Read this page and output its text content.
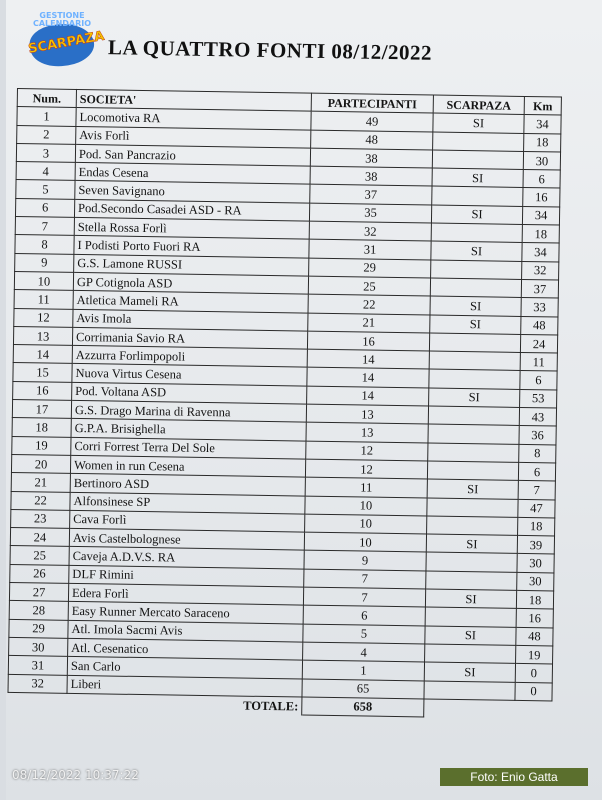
GESTIONE CALENDARIO
SCARPAZA LA QUATTRO FONTI 08/12/2022
Num.	SOCIETA'	PARTECIPANTI	SCARPAZA	Km
1	Locomotiva RA	49	SI	34
2	Avis Forlì	48		18
3	Pod. San Pancrazio	38		30
4	Endas Cesena	38	SI	6
5	Seven Savignano	37		16
6	Pod.Secondo Casadei ASD - RA	35	SI	34
7	Stella Rossa Forlì	32		18
8	I Podisti Porto Fuori RA	31	SI	34
9	G.S. Lamone RUSSI	29		32
10	GP Cotignola ASD	25		37
11	Atletica Mameli RA	22	SI	33
12	Avis Imola	21	SI	48
13	Corrimania Savio RA	16		24
14	Azzurra Forlimpopoli	14		11
15	Nuova Virtus Cesena	14		6
16	Pod. Voltana ASD	14	SI	53
17	G.S. Drago Marina di Ravenna	13		43
18	G.P.A. Brisighella	13		36
19	Corri Forrest Terra Del Sole	12		8
20	Women in run Cesena	12		6
21	Bertinoro ASD	11	SI	7
22	Alfonsinese SP	10		47
23	Cava Forlì	10		18
24	Avis Castelbolognese	10	SI	39
25	Caveja A.D.V.S. RA	9		30
26	DLF Rimini	7		30
27	Edera Forlì	7	SI	18
28	Easy Runner Mercato Saraceno	6		16
29	Atl. Imola Sacmi Avis	5	SI	48
30	Atl. Cesenatico	4		19
31	San Carlo	1	SI	0
32	Liberi	65		0
	TOTALE:	658		
08/12/2022 10:37:22	Foto: Enio Gatta
